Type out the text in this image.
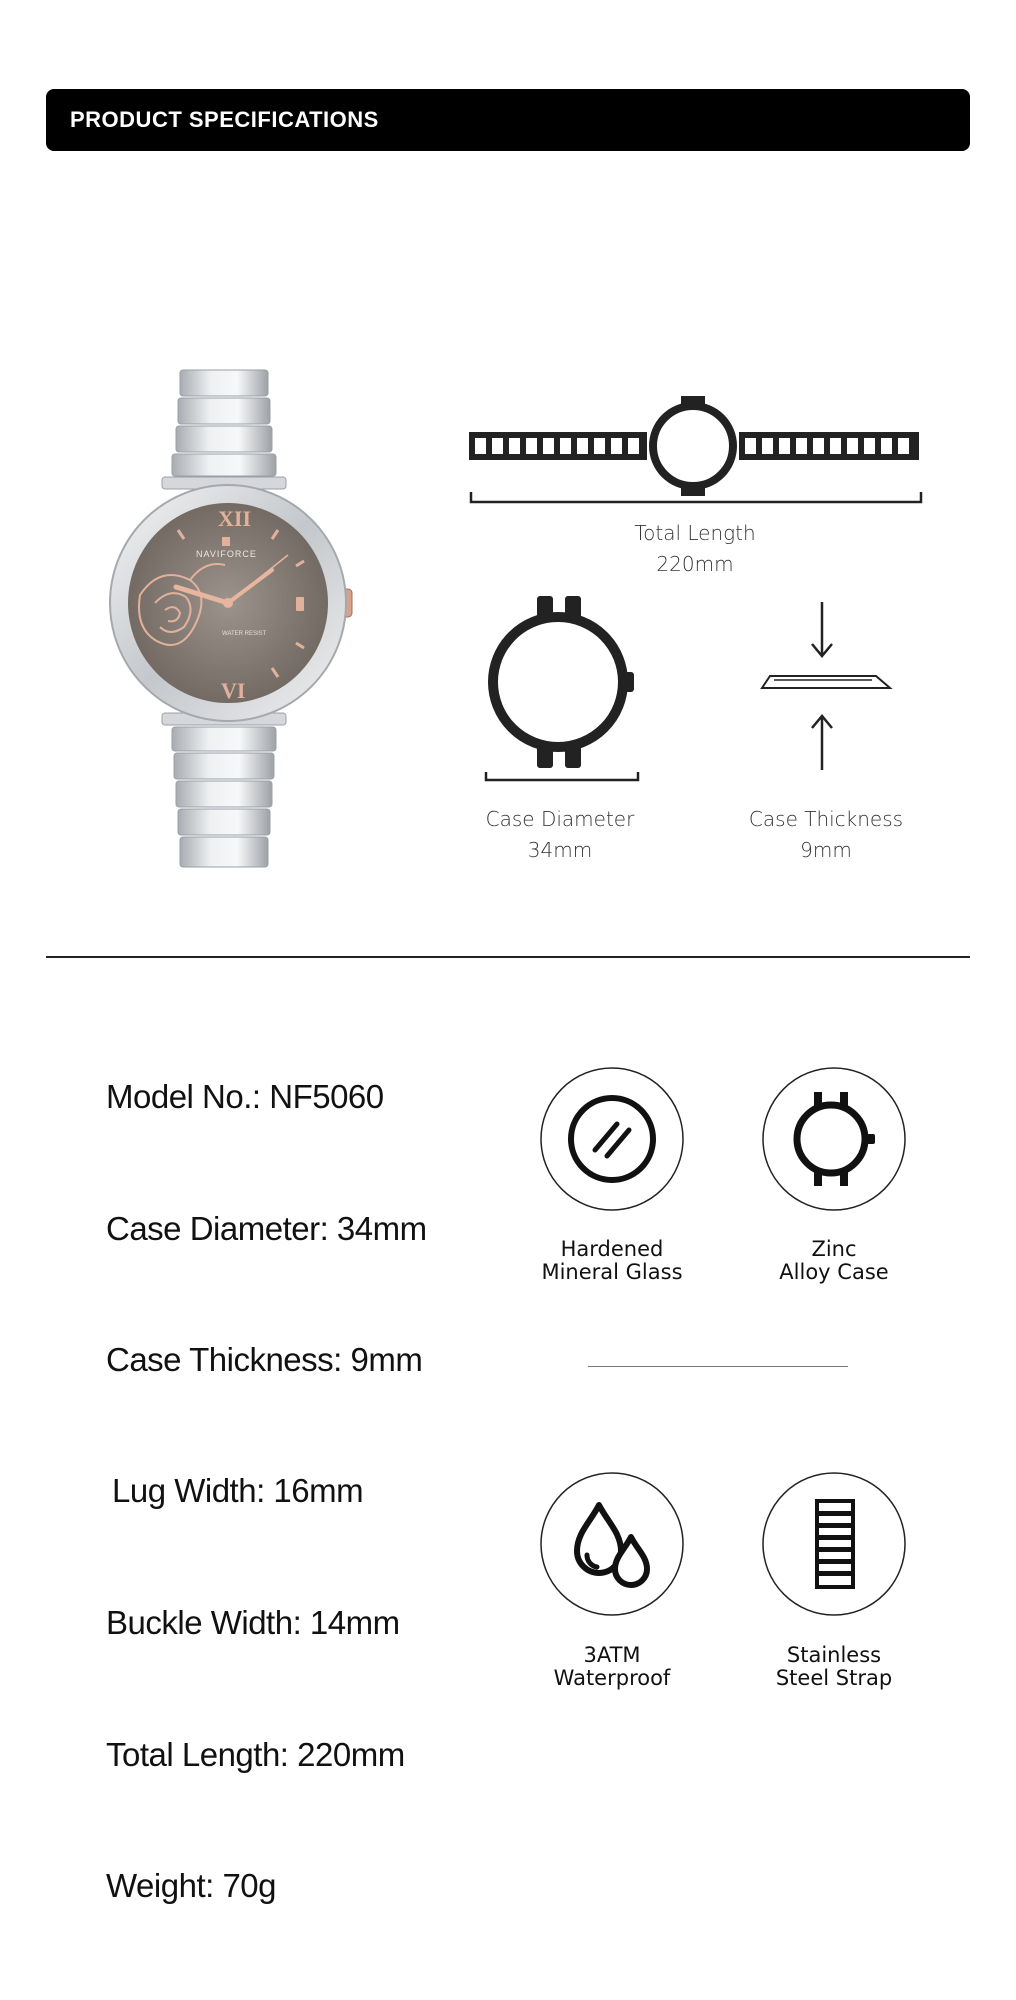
PRODUCT SPECIFICATIONS
XII
VI
NAVIFORCE
WATER RESIST
Total Length
220mm
Case Diameter
34mm
Case Thickness
9mm
Model No.: NF5060
Case Diameter: 34mm
Case Thickness: 9mm
Lug Width: 16mm
Buckle Width: 14mm
Total Length: 220mm
Weight: 70g
Hardened
Mineral Glass
Zinc
Alloy Case
3ATM
Waterproof
Stainless
Steel Strap
